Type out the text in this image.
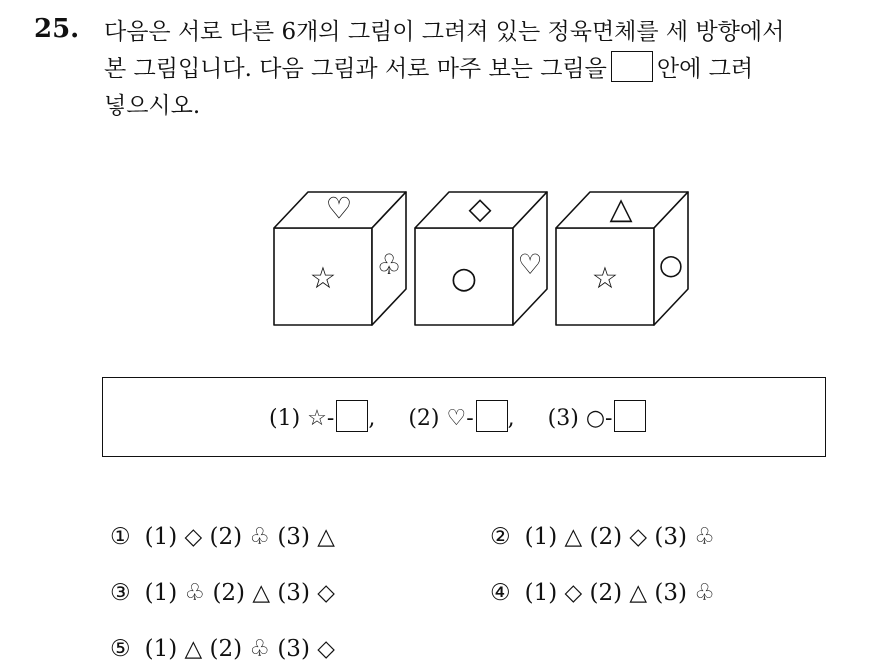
25. 다음은 서로 다른 6개의 그림이 그려져 있는 정육면체를 세 방향에서
본 그림입니다. 다음 그림과 서로 마주 보는 그림을 안에 그려
넣으시오.
♡
☆ ♧
◇
○ ♡
△
☆ ○
(1) ☆- , (2) ♡- , (3) ○-
① (1) ◇ (2) ♧ (3) △	② (1) △ (2) ◇ (3) ♧
③ (1) ♧ (2) △ (3) ◇	④ (1) ◇ (2) △ (3) ♧
⑤ (1) △ (2) ♧ (3) ◇
